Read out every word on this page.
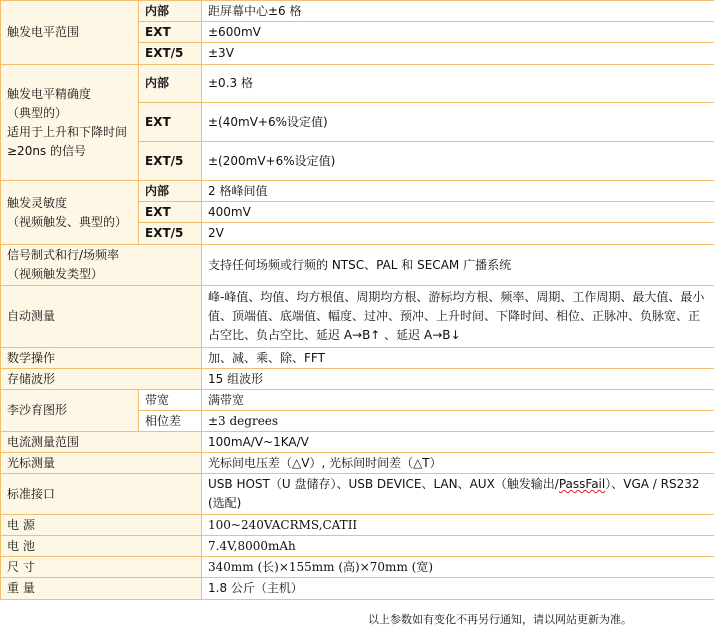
触发电平范围	内部	距屏幕中心±6 格
	EXT	±600mV
	EXT/5	±3V

触发电平精确度
（典型的）
适用于上升和下降时间
≥20ns 的信号	内部	±0.3 格
	EXT	±(40mV+6%设定值)
	EXT/5	±(200mV+6%设定值)

触发灵敏度
（视频触发、典型的）	内部	2 格峰间值
	EXT	400mV
	EXT/5	2V

信号制式和行/场频率
（视频触发类型）		支持任何场频或行频的 NTSC、PAL 和 SECAM 广播系统
自动测量		峰-峰值、均值、均方根值、周期均方根、游标均方根、频率、周期、工作周期、最大值、最小值、顶端值、底端值、幅度、过冲、预冲、上升时间、下降时间、相位、正脉冲、负脉宽、正占空比、负占空比、延迟 A→B↑ 、延迟 A→B↓
数学操作		加、减、乘、除、FFT
存储波形		15 组波形
李沙育图形	带宽	满带宽
	相位差	±3 degrees
电流测量范围		100mA/V~1KA/V
光标测量		光标间电压差（△V）, 光标间时间差（△T）
标准接口		USB HOST（U 盘储存）、USB DEVICE、LAN、AUX（触发输出/PassFail）、VGA / RS232 (选配)
电 源		100~240VACRMS,CATII
电 池		7.4V,8000mAh
尺 寸		340mm (长)×155mm (高)×70mm (宽)
重 量		1.8 公斤（主机）
以上参数如有变化不再另行通知，请以网站更新为准。
